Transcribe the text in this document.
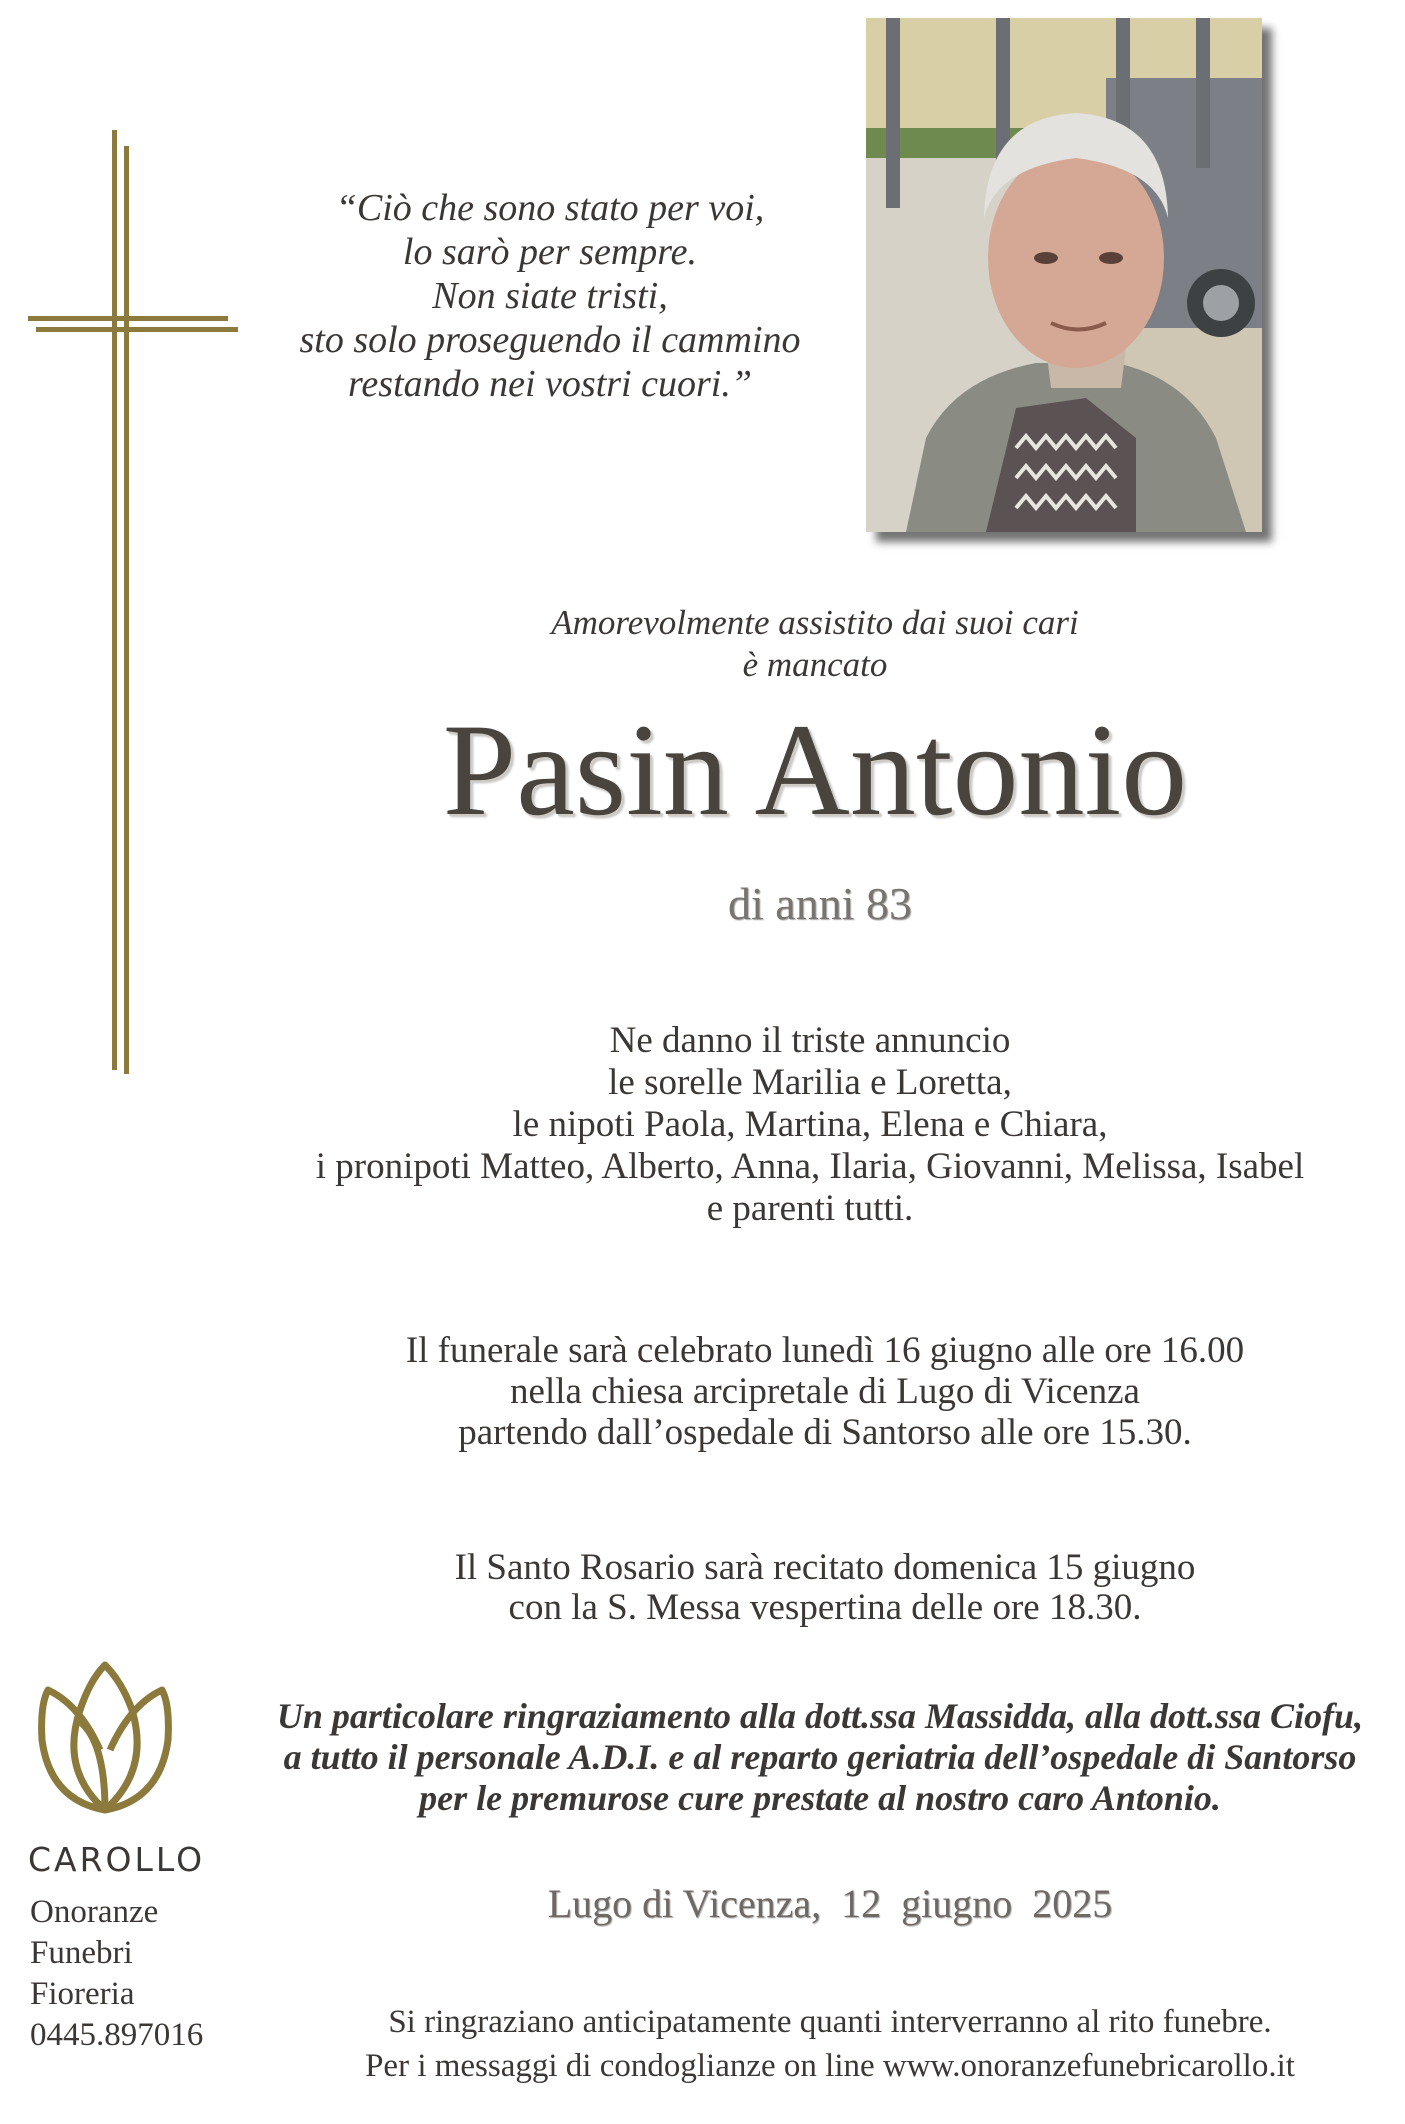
“Ciò che sono stato per voi,
lo sarò per sempre.
Non siate tristi,
sto solo proseguendo il cammino
restando nei vostri cuori.”
Amorevolmente assistito dai suoi cari
è mancato
Pasin Antonio
di anni 83
Ne danno il triste annuncio
le sorelle Marilia e Loretta,
le nipoti Paola, Martina, Elena e Chiara,
i pronipoti Matteo, Alberto, Anna, Ilaria, Giovanni, Melissa, Isabel
e parenti tutti.
Il funerale sarà celebrato lunedì 16 giugno alle ore 16.00
nella chiesa arcipretale di Lugo di Vicenza
partendo dall’ospedale di Santorso alle ore 15.30.
Il Santo Rosario sarà recitato domenica 15 giugno
con la S. Messa vespertina delle ore 18.30.
Un particolare ringraziamento alla dott.ssa Massidda, alla dott.ssa Ciofu,
a tutto il personale A.D.I. e al reparto geriatria dell’ospedale di Santorso
per le premurose cure prestate al nostro caro Antonio.
Lugo di Vicenza,  12  giugno  2025
Si ringraziano anticipatamente quanti interverranno al rito funebre.
Per i messaggi di condoglianze on line www.onoranzefunebricarollo.it
CAROLLO
Onoranze
Funebri
Fioreria
0445.897016
